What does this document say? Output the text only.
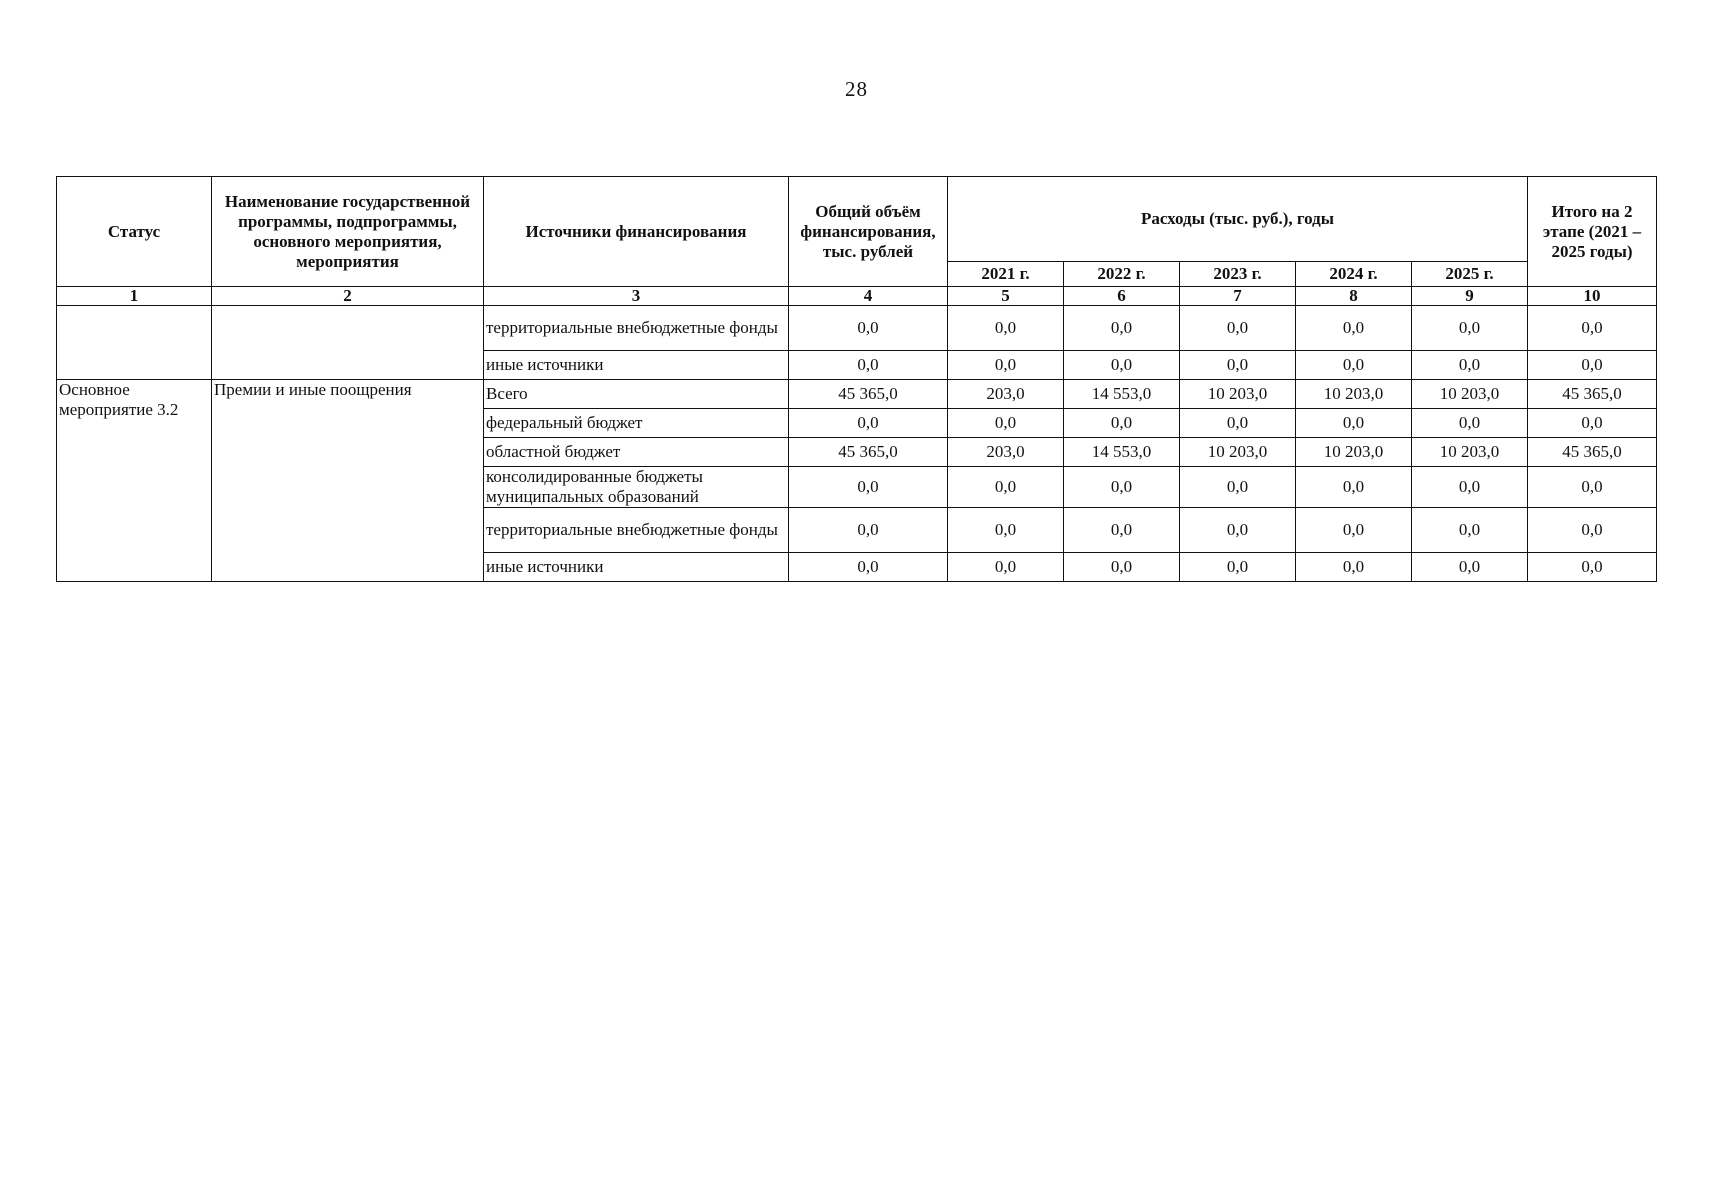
28
Статус	Наименование государственной программы, подпрограммы, основного мероприятия, мероприятия	Источники финансирования	Общий объём финансирования, тыс. рублей	Расходы (тыс. руб.), годы					Итого на 2 этапе (2021 – 2025 годы)
				2021 г.	2022 г.	2023 г.	2024 г.	2025 г.	
1	2	3	4	5	6	7	8	9	10
		территориальные внебюджетные фонды	0,0	0,0	0,0	0,0	0,0	0,0	0,0
		иные источники	0,0	0,0	0,0	0,0	0,0	0,0	0,0
Основное мероприятие 3.2	Премии и иные поощрения	Всего	45 365,0	203,0	14 553,0	10 203,0	10 203,0	10 203,0	45 365,0
		федеральный бюджет	0,0	0,0	0,0	0,0	0,0	0,0	0,0
		областной бюджет	45 365,0	203,0	14 553,0	10 203,0	10 203,0	10 203,0	45 365,0
		консолидированные бюджеты муниципальных образований	0,0	0,0	0,0	0,0	0,0	0,0	0,0
		территориальные внебюджетные фонды	0,0	0,0	0,0	0,0	0,0	0,0	0,0
		иные источники	0,0	0,0	0,0	0,0	0,0	0,0	0,0
